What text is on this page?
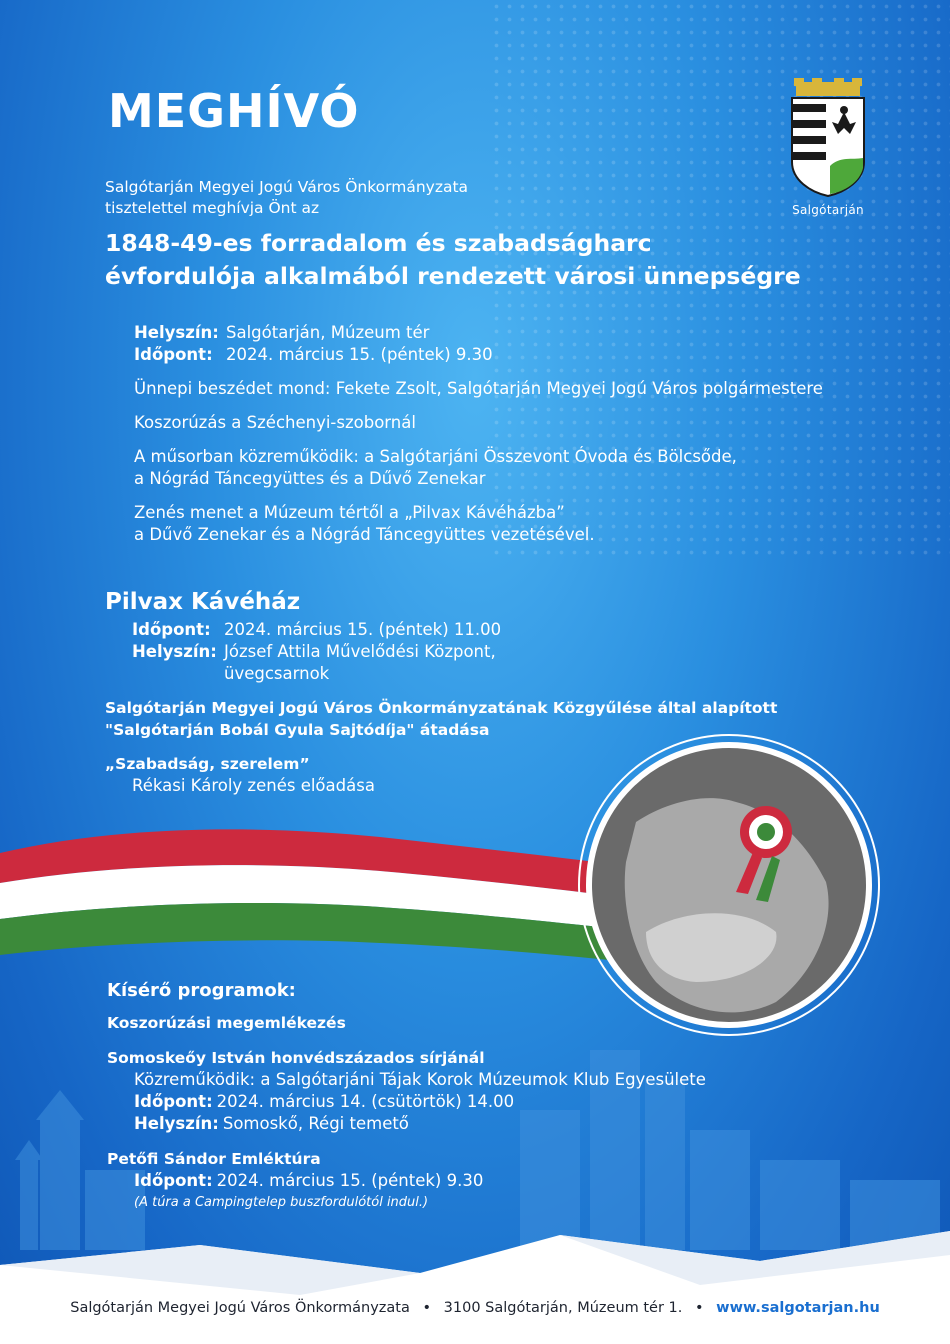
Salgótarján
MEGHÍVÓ
Salgótarján Megyei Jogú Város Önkormányzata
tisztelettel meghívja Önt az
1848-49-es forradalom és szabadságharc
évfordulója alkalmából rendezett városi ünnepségre
Helyszín: Salgótarján, Múzeum tér
Időpont: 2024. március 15. (péntek) 9.30
Ünnepi beszédet mond: Fekete Zsolt, Salgótarján Megyei Jogú Város polgármestere
Koszorúzás a Széchenyi-szobornál
A műsorban közreműködik: a Salgótarjáni Összevont Óvoda és Bölcsőde,
a Nógrád Táncegyüttes és a Dűvő Zenekar
Zenés menet a Múzeum tértől a „Pilvax Kávéházba”
a Dűvő Zenekar és a Nógrád Táncegyüttes vezetésével.
Pilvax Kávéház
Időpont: 2024. március 15. (péntek) 11.00
Helyszín: József Attila Művelődési Központ,
üvegcsarnok
Salgótarján Megyei Jogú Város Önkormányzatának Közgyűlése által alapított
"Salgótarján Bobál Gyula Sajtódíja" átadása
„Szabadság, szerelem”
Rékasi Károly zenés előadása
Kísérő programok:
Koszorúzási megemlékezés
Somoskeőy István honvédszázados sírjánál
Közreműködik: a Salgótarjáni Tájak Korok Múzeumok Klub Egyesülete
Időpont: 2024. március 14. (csütörtök) 14.00
Helyszín: Somoskő, Régi temető
Petőfi Sándor Emléktúra
Időpont: 2024. március 15. (péntek) 9.30
(A túra a Campingtelep buszfordulótól indul.)
Salgótarján Megyei Jogú Város Önkormányzata • 3100 Salgótarján, Múzeum tér 1. • www.salgotarjan.hu
